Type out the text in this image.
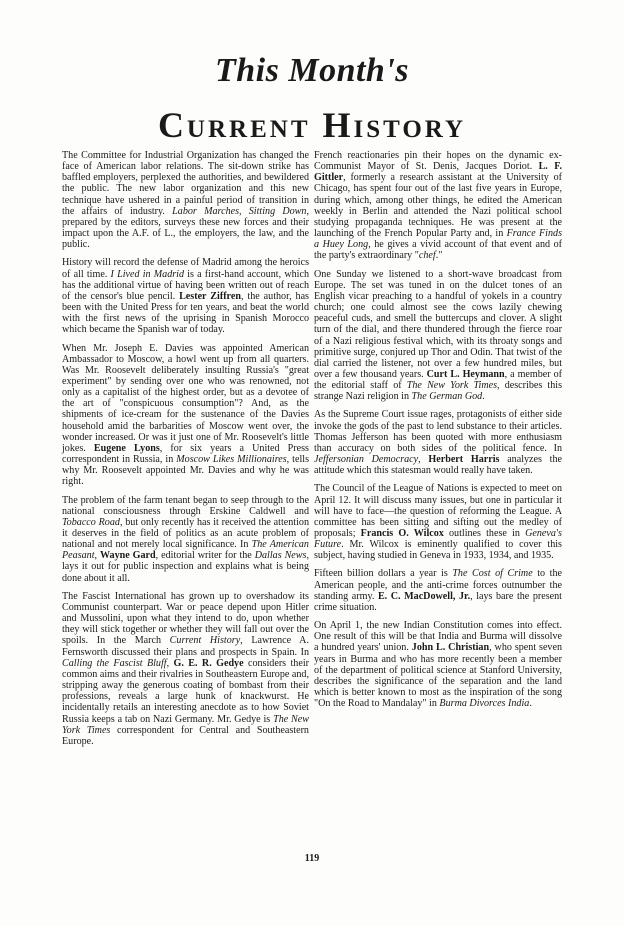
This Month's
Current History

The Committee for Industrial Organization has changed the face of American labor relations. The sit-down strike has baffled employers, perplexed the authorities, and bewildered the public. The new labor organization and this new technique have ushered in a painful period of transition in the affairs of industry. Labor Marches, Sitting Down, prepared by the editors, surveys these new forces and their impact upon the A.F. of L., the employers, the law, and the public.

History will record the defense of Madrid among the heroics of all time. I Lived in Madrid is a first-hand account, which has the additional virtue of having been written out of reach of the censor's blue pencil. Lester Ziffren, the author, has been with the United Press for ten years, and beat the world with the first news of the uprising in Spanish Morocco which became the Spanish war of today.

When Mr. Joseph E. Davies was appointed American Ambassador to Moscow, a howl went up from all quarters. Was Mr. Roosevelt deliberately insulting Russia's "great experiment" by sending over one who was renowned, not only as a capitalist of the highest order, but as a devotee of the art of "conspicuous consumption"? And, as the shipments of ice-cream for the sustenance of the Davies household amid the barbarities of Moscow went over, the wonder increased. Or was it just one of Mr. Roosevelt's little jokes. Eugene Lyons, for six years a United Press correspondent in Russia, in Moscow Likes Millionaires, tells why Mr. Roosevelt appointed Mr. Davies and why he was right.

The problem of the farm tenant began to seep through to the national consciousness through Erskine Caldwell and Tobacco Road, but only recently has it received the attention it deserves in the field of politics as an acute problem of national and not merely local significance. In The American Peasant, Wayne Gard, editorial writer for the Dallas News, lays it out for public inspection and explains what is being done about it all.

The Fascist International has grown up to overshadow its Communist counterpart. War or peace depend upon Hitler and Mussolini, upon what they intend to do, upon whether they will stick together or whether they will fall out over the spoils. In the March Current History, Lawrence A. Fernsworth discussed their plans and prospects in Spain. In Calling the Fascist Bluff, G. E. R. Gedye considers their common aims and their rivalries in Southeastern Europe and, stripping away the generous coating of bombast from their professions, reveals a large hunk of knackwurst. He incidentally retails an interesting anecdote as to how Soviet Russia keeps a tab on Nazi Germany. Mr. Gedye is The New York Times correspondent for Central and Southeastern Europe.

French reactionaries pin their hopes on the dynamic ex-Communist Mayor of St. Denis, Jacques Doriot. L. F. Gittler, formerly a research assistant at the University of Chicago, has spent four out of the last five years in Europe, during which, among other things, he edited the American weekly in Berlin and attended the Nazi political school studying propaganda techniques. He was present at the launching of the French Popular Party and, in France Finds a Huey Long, he gives a vivid account of that event and of the party's extraordinary "chef."

One Sunday we listened to a short-wave broadcast from Europe. The set was tuned in on the dulcet tones of an English vicar preaching to a handful of yokels in a country church; one could almost see the cows lazily chewing peaceful cuds, and smell the buttercups and clover. A slight turn of the dial, and there thundered through the fierce roar of a Nazi religious festival which, with its throaty songs and primitive surge, conjured up Thor and Odin. That twist of the dial carried the listener, not over a few hundred miles, but over a few thousand years. Curt L. Heymann, a member of the editorial staff of The New York Times, describes this strange Nazi religion in The German God.

As the Supreme Court issue rages, protagonists of either side invoke the gods of the past to lend substance to their articles. Thomas Jefferson has been quoted with more enthusiasm than accuracy on both sides of the political fence. In Jeffersonian Democracy, Herbert Harris analyzes the attitude which this statesman would really have taken.

The Council of the League of Nations is expected to meet on April 12. It will discuss many issues, but one in particular it will have to face—the question of reforming the League. A committee has been sitting and sifting out the medley of proposals; Francis O. Wilcox outlines these in Geneva's Future. Mr. Wilcox is eminently qualified to cover this subject, having studied in Geneva in 1933, 1934, and 1935.

Fifteen billion dollars a year is The Cost of Crime to the American people, and the anti-crime forces outnumber the standing army. E. C. MacDowell, Jr., lays bare the present crime situation.

On April 1, the new Indian Constitution comes into effect. One result of this will be that India and Burma will dissolve a hundred years' union. John L. Christian, who spent seven years in Burma and who has more recently been a member of the department of political science at Stanford University, describes the significance of the separation and the land which is better known to most as the inspiration of the song "On the Road to Mandalay" in Burma Divorces India.

119
